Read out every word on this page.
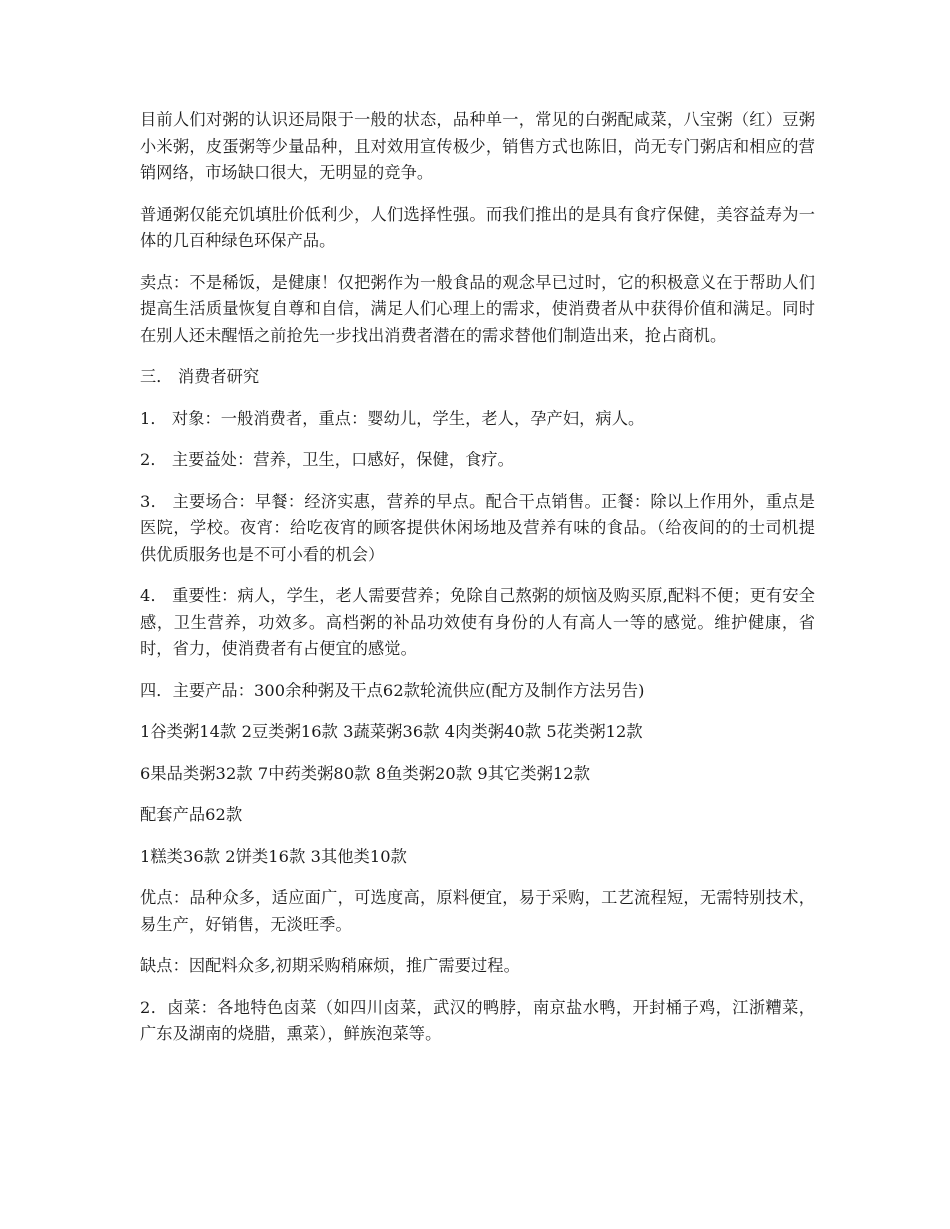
目前人们对粥的认识还局限于一般的状态，品种单一，常见的白粥配咸菜，八宝粥（红）豆粥小米粥，皮蛋粥等少量品种，且对效用宣传极少，销售方式也陈旧，尚无专门粥店和相应的营销网络，市场缺口很大，无明显的竞争。

普通粥仅能充饥填肚价低利少，人们选择性强。而我们推出的是具有食疗保健，美容益寿为一体的几百种绿色环保产品。

卖点：不是稀饭，是健康！仅把粥作为一般食品的观念早已过时，它的积极意义在于帮助人们提高生活质量恢复自尊和自信，满足人们心理上的需求，使消费者从中获得价值和满足。同时在别人还未醒悟之前抢先一步找出消费者潜在的需求替他们制造出来，抢占商机。

三． 消费者研究

1． 对象：一般消费者，重点：婴幼儿，学生，老人，孕产妇，病人。

2． 主要益处：营养，卫生，口感好，保健，食疗。

3． 主要场合：早餐：经济实惠，营养的早点。配合干点销售。正餐：除以上作用外，重点是医院，学校。夜宵：给吃夜宵的顾客提供休闲场地及营养有味的食品。（给夜间的的士司机提供优质服务也是不可小看的机会）

4． 重要性：病人，学生，老人需要营养；免除自己熬粥的烦恼及购买原,配料不便；更有安全感，卫生营养，功效多。高档粥的补品功效使有身份的人有高人一等的感觉。维护健康，省时，省力，使消费者有占便宜的感觉。

四．主要产品：300余种粥及干点62款轮流供应(配方及制作方法另告)

1谷类粥14款 2豆类粥16款 3蔬菜粥36款 4肉类粥40款 5花类粥12款

6果品类粥32款 7中药类粥80款 8鱼类粥20款 9其它类粥12款

配套产品62款

1糕类36款 2饼类16款 3其他类10款

优点：品种众多，适应面广，可选度高，原料便宜，易于采购，工艺流程短，无需特别技术，易生产，好销售，无淡旺季。

缺点：因配料众多,初期采购稍麻烦，推广需要过程。

2．卤菜：各地特色卤菜（如四川卤菜，武汉的鸭脖，南京盐水鸭，开封桶子鸡，江浙糟菜，广东及湖南的烧腊，熏菜），鲜族泡菜等。
